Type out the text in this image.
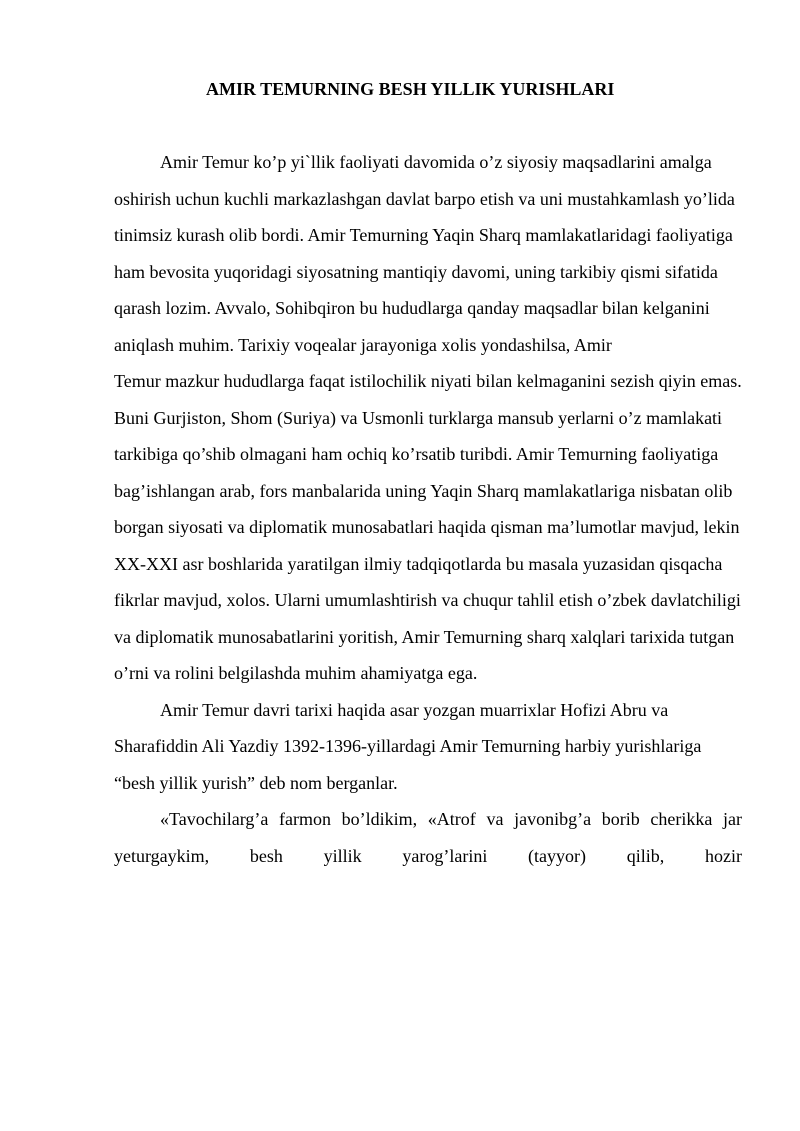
AMIR TEMURNING BESH YILLIK YURISHLARI

Amir Temur ko’p yi`llik faoliyati davomida o’z siyosiy maqsadlarini amalga oshirish uchun kuchli markazlashgan davlat barpo etish va uni mustahkamlash yo’lida tinimsiz kurash olib bordi. Amir Temurning Yaqin Sharq mamlakatlaridagi faoliyatiga ham bevosita yuqoridagi siyosatning mantiqiy davomi, uning tarkibiy qismi sifatida qarash lozim. Avvalo, Sohibqiron bu hududlarga qanday maqsadlar bilan kelganini aniqlash muhim. Tarixiy voqealar jarayoniga xolis yondashilsa, Amir

Temur mazkur hududlarga faqat istilochilik niyati bilan kelmaganini sezish qiyin emas. Buni Gurjiston, Shom (Suriya) va Usmonli turklarga mansub yerlarni o’z mamlakati tarkibiga qo’shib olmagani ham ochiq ko’rsatib turibdi. Amir Temurning faoliyatiga bag’ishlangan arab, fors manbalarida uning Yaqin Sharq mamlakatlariga nisbatan olib borgan siyosati va diplomatik munosabatlari haqida qisman ma’lumotlar mavjud, lekin XX-XXI asr boshlarida yaratilgan ilmiy tadqiqotlarda bu masala yuzasidan qisqacha fikrlar mavjud, xolos. Ularni umumlashtirish va chuqur tahlil etish o’zbek davlatchiligi va diplomatik munosabatlarini yoritish, Amir Temurning sharq xalqlari tarixida tutgan o’rni va rolini belgilashda muhim ahamiyatga ega.

Amir Temur davri tarixi haqida asar yozgan muarrixlar Hofizi Abru va Sharafiddin Ali Yazdiy 1392-1396-yillardagi Amir Temurning harbiy yurishlariga “besh yillik yurish” deb nom berganlar.

«Tavochilarg’a farmon bo’ldikim, «Atrof va javonibg’a borib cherikka jar yeturgaykim, besh yillik yarog’larini (tayyor) qilib, hozir
